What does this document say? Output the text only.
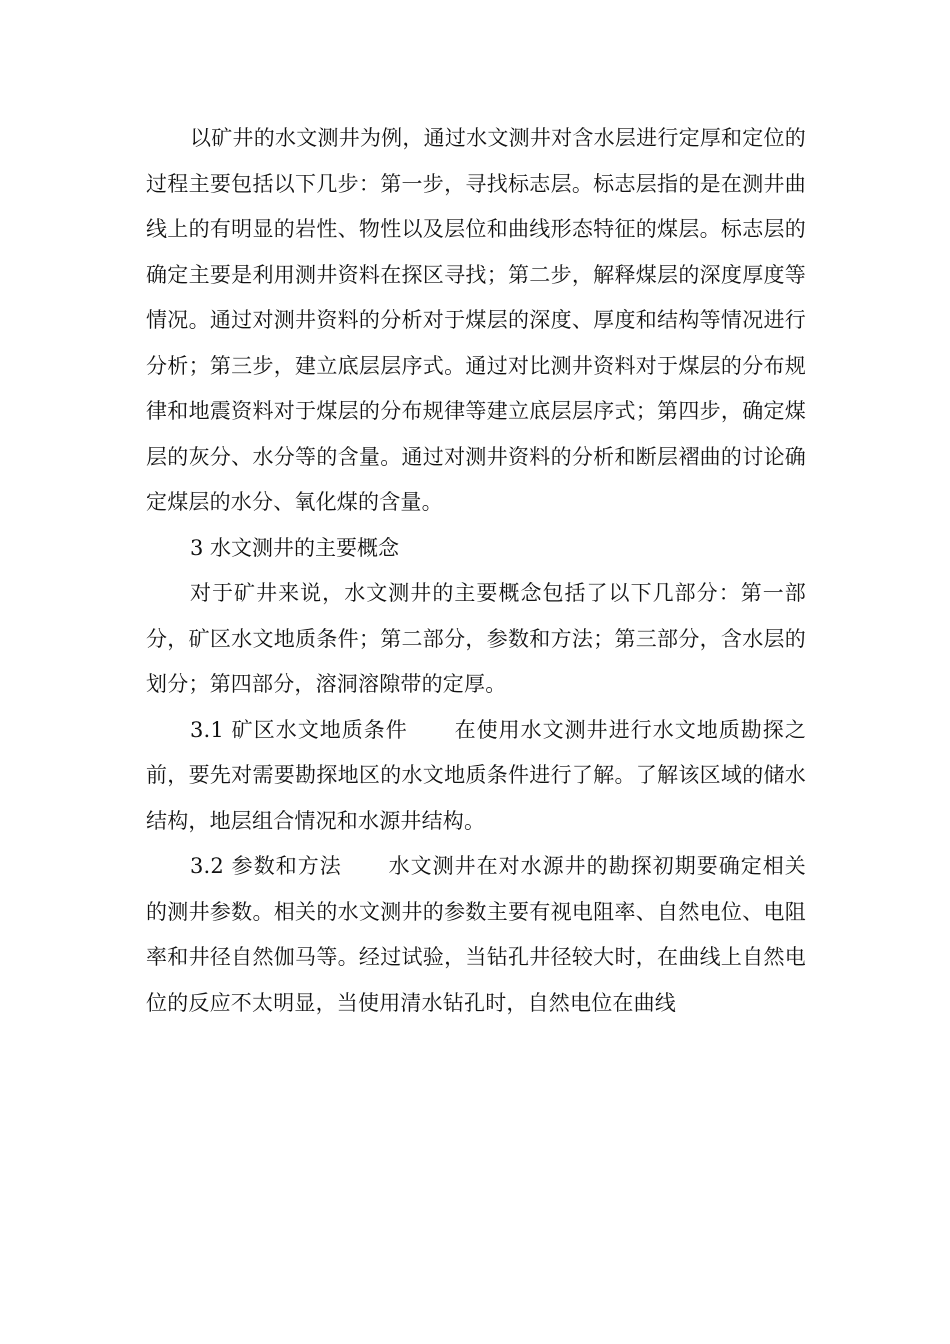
以矿井的水文测井为例，通过水文测井对含水层进行定厚和定位的过程主要包括以下几步：第一步，寻找标志层。标志层指的是在测井曲线上的有明显的岩性、物性以及层位和曲线形态特征的煤层。标志层的确定主要是利用测井资料在探区寻找；第二步，解释煤层的深度厚度等情况。通过对测井资料的分析对于煤层的深度、厚度和结构等情况进行分析；第三步，建立底层层序式。通过对比测井资料对于煤层的分布规律和地震资料对于煤层的分布规律等建立底层层序式；第四步，确定煤层的灰分、水分等的含量。通过对测井资料的分析和断层褶曲的讨论确定煤层的水分、氧化煤的含量。

3 水文测井的主要概念

对于矿井来说，水文测井的主要概念包括了以下几部分：第一部分，矿区水文地质条件；第二部分，参数和方法；第三部分，含水层的划分；第四部分，溶洞溶隙带的定厚。

3.1 矿区水文地质条件 在使用水文测井进行水文地质勘探之前，要先对需要勘探地区的水文地质条件进行了解。了解该区域的储水结构，地层组合情况和水源井结构。

3.2 参数和方法 水文测井在对水源井的勘探初期要确定相关的测井参数。相关的水文测井的参数主要有视电阻率、自然电位、电阻率和井径自然伽马等。经过试验，当钻孔井径较大时，在曲线上自然电位的反应不太明显，当使用清水钻孔时，自然电位在曲线
